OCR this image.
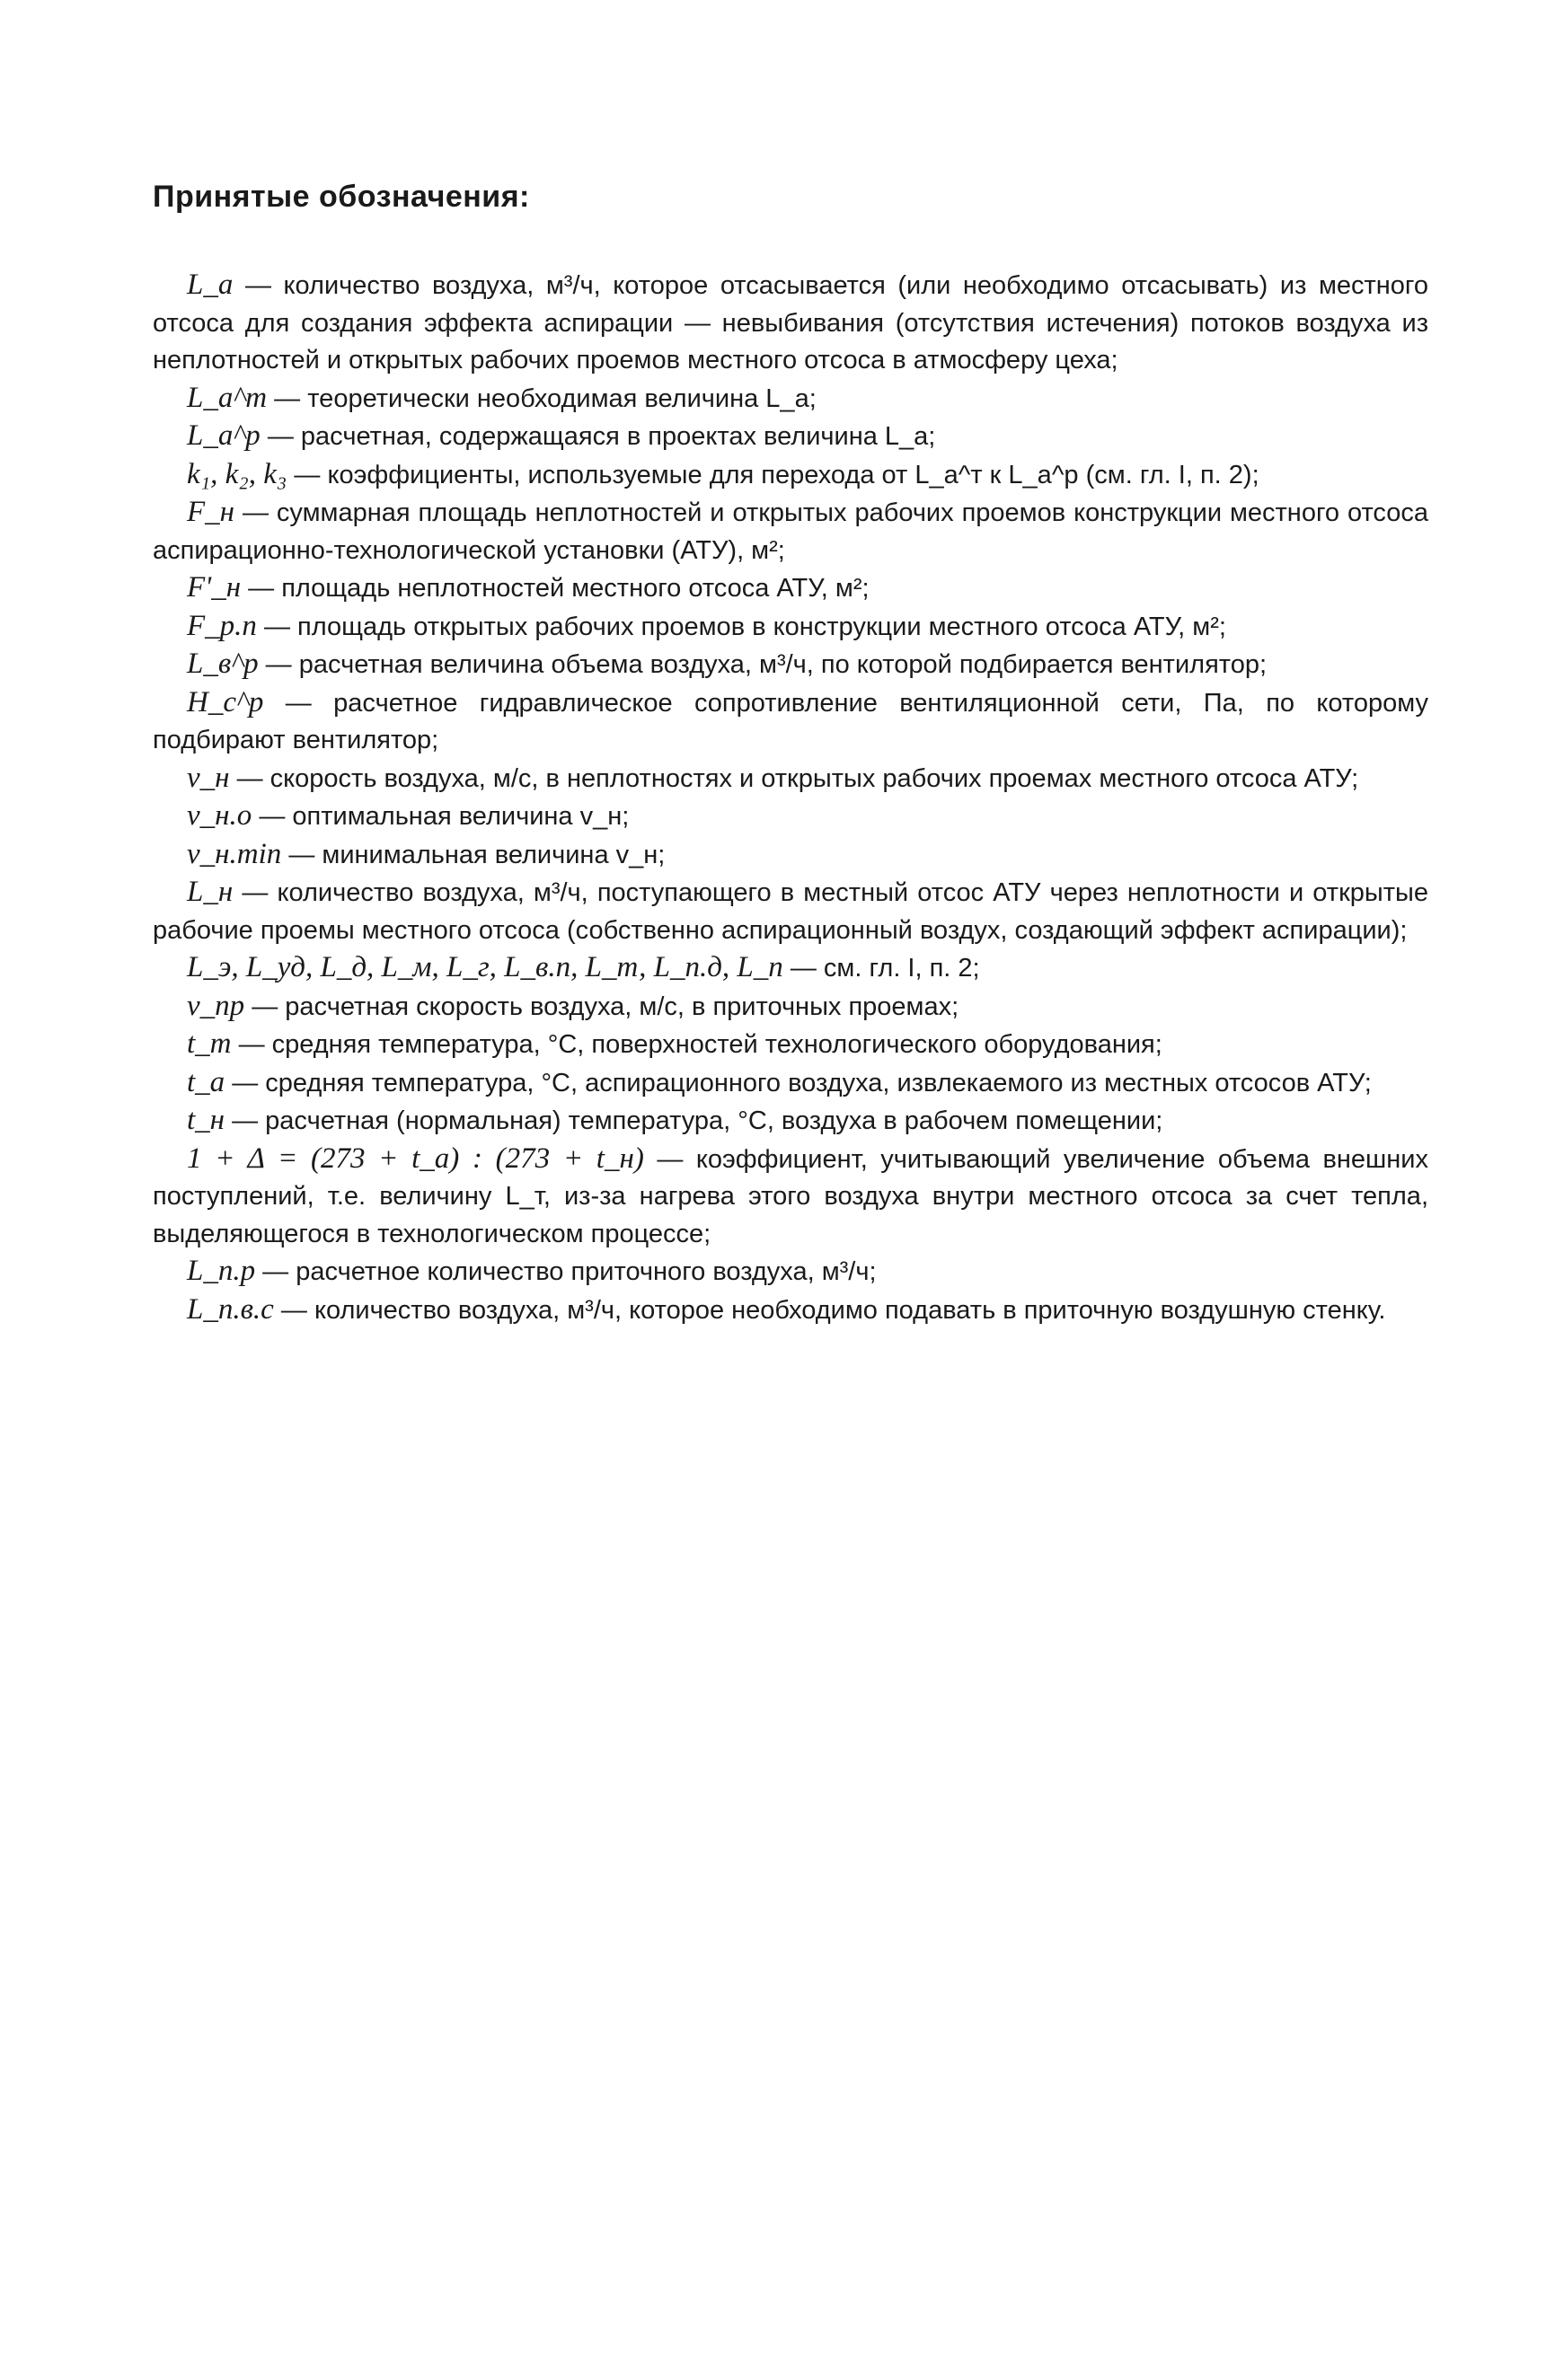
Принятые обозначения:

L_a — количество воздуха, м³/ч, которое отсасывается (или необходимо отсасывать) из местного отсоса для создания эффекта аспирации — невыбивания (отсутствия истечения) потоков воздуха из неплотностей и открытых рабочих проемов местного отсоса в атмосферу цеха;

L_a^т — теоретически необходимая величина L_a;

L_a^р — расчетная, содержащаяся в проектах величина L_a;

k₁, k₂, k₃ — коэффициенты, используемые для перехода от L_a^т к L_a^р (см. гл. I, п. 2);

F_н — суммарная площадь неплотностей и открытых рабочих проемов конструкции местного отсоса аспирационно-технологической установки (АТУ), м²;

F'_н — площадь неплотностей местного отсоса АТУ, м²;

F_р.п — площадь открытых рабочих проемов в конструкции местного отсоса АТУ, м²;

L_в^р — расчетная величина объема воздуха, м³/ч, по которой подбирается вентилятор;

H_c^р — расчетное гидравлическое сопротивление вентиляционной сети, Па, по которому подбирают вентилятор;

v_н — скорость воздуха, м/с, в неплотностях и открытых рабочих проемах местного отсоса АТУ;

v_н.о — оптимальная величина v_н;

v_н.min — минимальная величина v_н;

L_н — количество воздуха, м³/ч, поступающего в местный отсос АТУ через неплотности и открытые рабочие проемы местного отсоса (собственно аспирационный воздух, создающий эффект аспирации);

L_э, L_уд, L_д, L_м, L_г, L_в.п, L_т, L_п.д, L_п — см. гл. I, п. 2;

v_пр — расчетная скорость воздуха, м/с, в приточных проемах;

t_т — средняя температура, °С, поверхностей технологического оборудования;

t_а — средняя температура, °С, аспирационного воздуха, извлекаемого из местных отсосов АТУ;

t_н — расчетная (нормальная) температура, °С, воздуха в рабочем помещении;

1 + Δ = (273 + t_а) : (273 + t_н) — коэффициент, учитывающий увеличение объема внешних поступлений, т.е. величину L_т, из-за нагрева этого воздуха внутри местного отсоса за счет тепла, выделяющегося в технологическом процессе;

L_п.р — расчетное количество приточного воздуха, м³/ч;

L_п.в.с — количество воздуха, м³/ч, которое необходимо подавать в приточную воздушную стенку.
